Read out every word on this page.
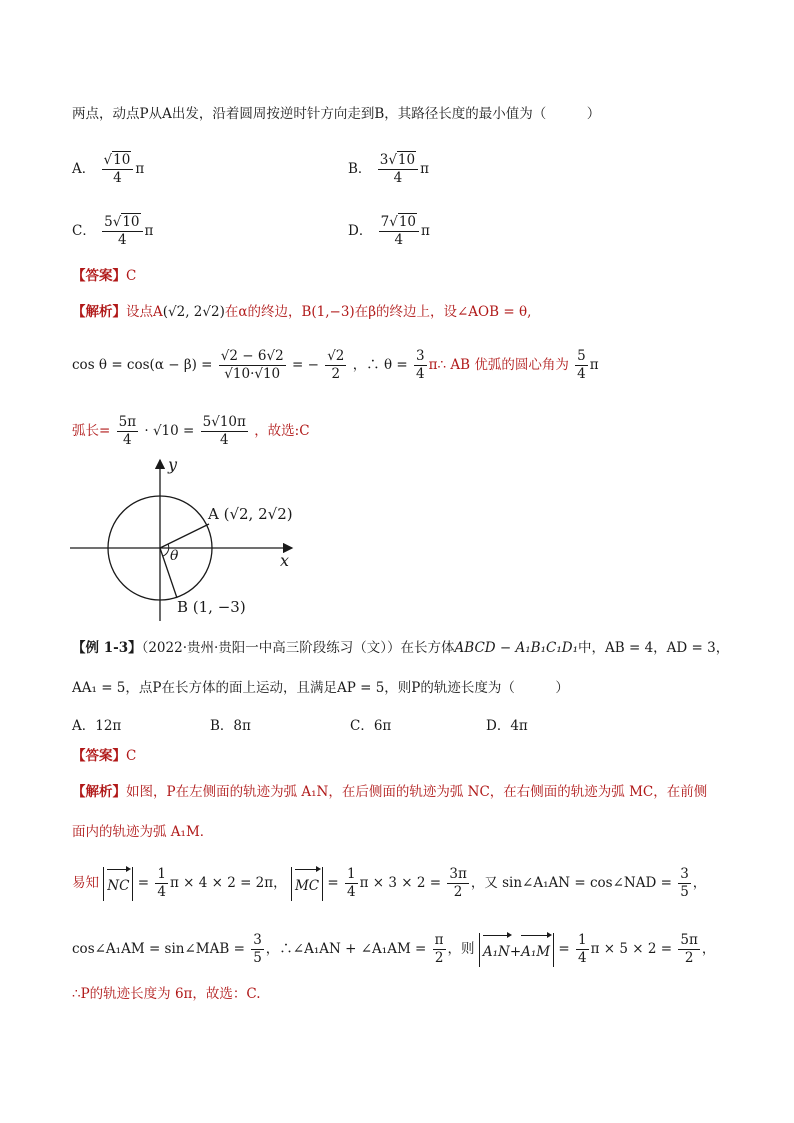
两点，动点P从A出发，沿着圆周按逆时针方向走到B，其路径长度的最小值为（　　　）
A． $\frac{√10}{4}$ π	B． $\frac{3√10}{4}$ π
C． $\frac{5√10}{4}$ π	D． $\frac{7√10}{4}$ π
【答案】C
【解析】设点A(√2, 2√2)在α的终边，B(1,−3)在β的终边上，设∠AOB = θ,
$\cos \theta = \cos(\alpha - \beta) = \frac{√2 - 6√2}{√10\cdot√10}$ = − $\frac{√2}{2}$ ，∴ $\theta = \frac{3}{4}$ π∴ AB 优弧的圆心角为 $\frac{5}{4}$ π
弧长= $\frac{5\pi}{4} \cdot √10 = \frac{5√10\pi}{4}$ ，故选:C
θ
y
x
A (√2, 2√2)
B (1, −3)
【例 1-3】（2022·贵州·贵阳一中高三阶段练习（文））在长方体ABCD − A₁B₁C₁D₁中，AB = 4，AD = 3，
AA₁ = 5，点P在长方体的面上运动，且满足AP = 5，则P的轨迹长度为（　　　）
A．12π	B．8π	C．6π	D．4π
【答案】C
【解析】如图，P在左侧面的轨迹为弧 A₁N，在后侧面的轨迹为弧 NC，在右侧面的轨迹为弧 MC，在前侧
面内的轨迹为弧 A₁M．
易知 NC = $\frac{1}{4}$ π × 4 × 2 = 2π， MC = $\frac{1}{4}$ $\pi \times 3 \times 2 = \frac{3\pi}{2}$ ，又 sin∠A₁AN = cos∠NAD = $\frac{3}{5}$ ，
cos∠A₁AM = sin∠MAB = $\frac{3}{5}$ ，∴∠A₁AN + ∠A₁AM = $\frac{\pi}{2}$ ，则 $A_1N+A_1M = \frac{1}{4}$ $\pi \times 5 \times 2 = \frac{5\pi}{2}$ ，
∴P的轨迹长度为 6π，故选：C.
